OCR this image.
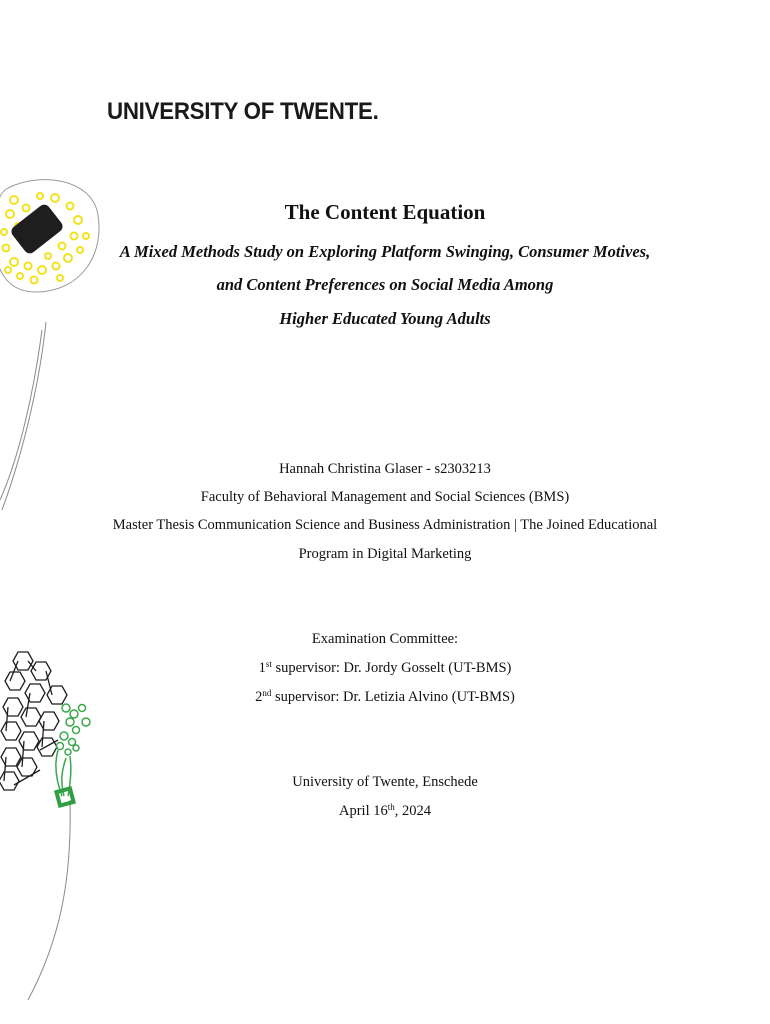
UNIVERSITY OF TWENTE.
The Content Equation
A Mixed Methods Study on Exploring Platform Swinging, Consumer Motives,
and Content Preferences on Social Media Among
Higher Educated Young Adults
Hannah Christina Glaser - s2303213
Faculty of Behavioral Management and Social Sciences (BMS)
Master Thesis Communication Science and Business Administration | The Joined Educational
Program in Digital Marketing
Examination Committee:
1st supervisor: Dr. Jordy Gosselt (UT-BMS)
2nd supervisor: Dr. Letizia Alvino (UT-BMS)
University of Twente, Enschede
April 16th, 2024
